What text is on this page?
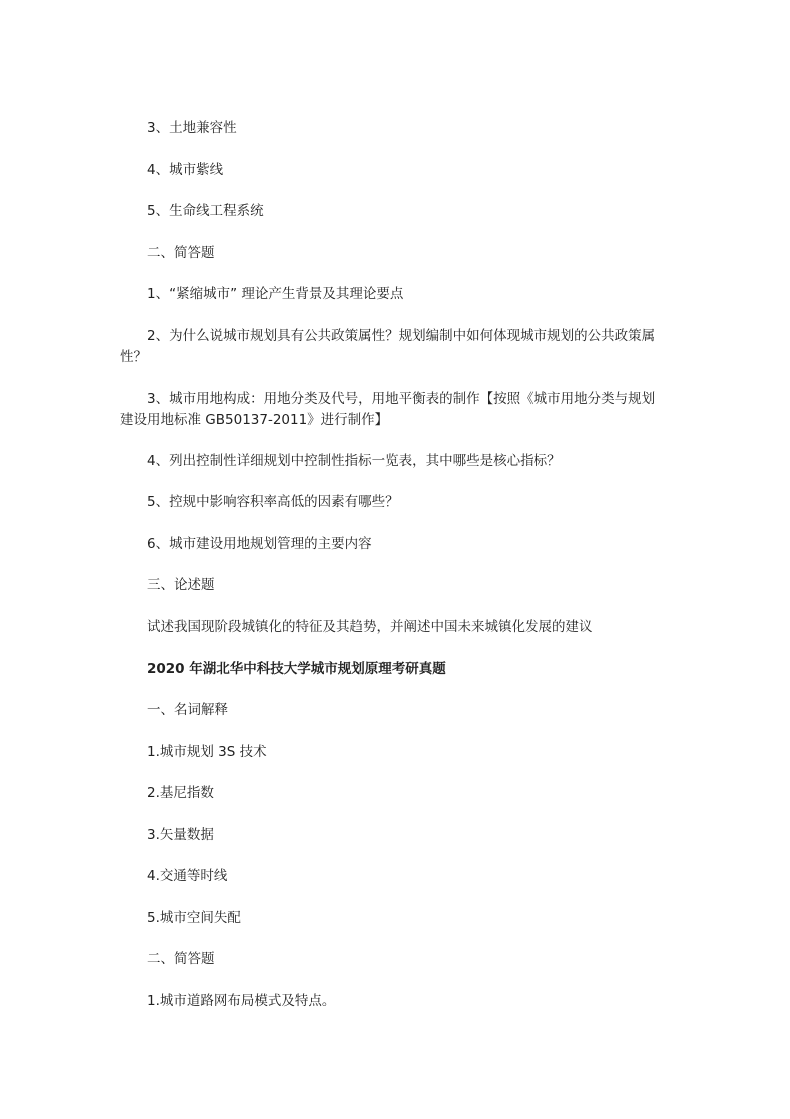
3、土地兼容性
4、城市紫线
5、生命线工程系统
二、简答题
1、“紧缩城市” 理论产生背景及其理论要点
2、为什么说城市规划具有公共政策属性？规划编制中如何体现城市规划的公共政策属性？
3、城市用地构成：用地分类及代号，用地平衡表的制作【按照《城市用地分类与规划建设用地标准 GB50137-2011》进行制作】
4、列出控制性详细规划中控制性指标一览表，其中哪些是核心指标？
5、控规中影响容积率高低的因素有哪些？
6、城市建设用地规划管理的主要内容
三、论述题
试述我国现阶段城镇化的特征及其趋势，并阐述中国未来城镇化发展的建议
2020 年湖北华中科技大学城市规划原理考研真题
一、名词解释
1.城市规划 3S 技术
2.基尼指数
3.矢量数据
4.交通等时线
5.城市空间失配
二、简答题
1.城市道路网布局模式及特点。
